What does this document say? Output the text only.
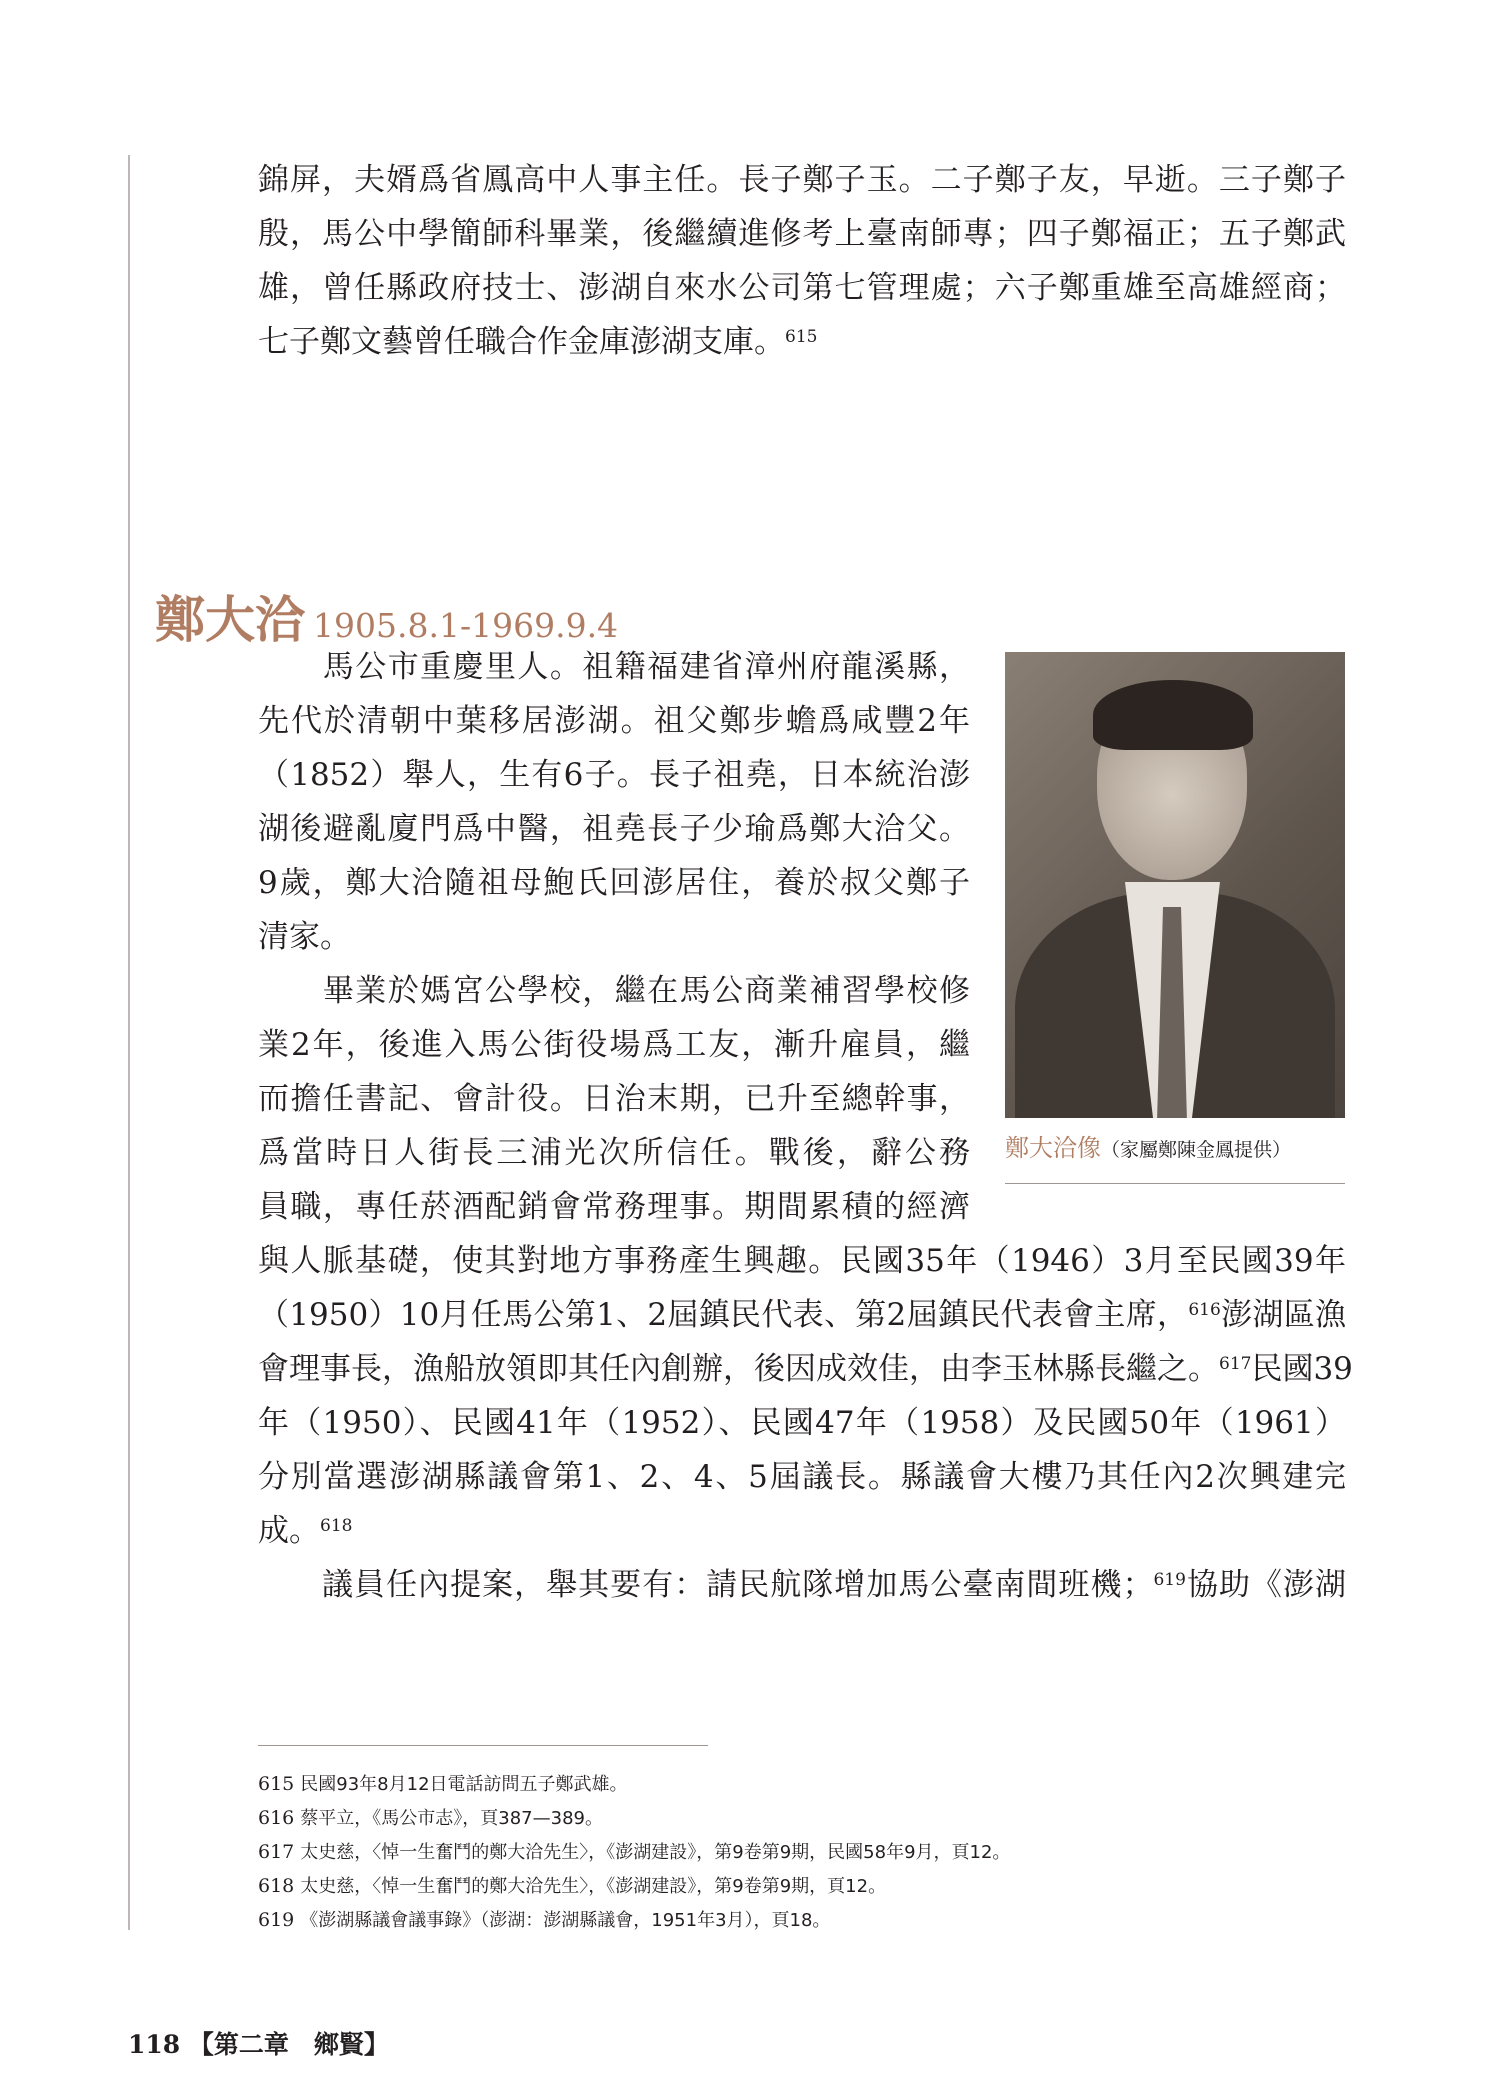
錦屏，夫婿爲省鳳高中人事主任。長子鄭子玉。二子鄭子友，早逝。三子鄭子
殷，馬公中學簡師科畢業，後繼續進修考上臺南師專；四子鄭福正；五子鄭武
雄，曾任縣政府技士、澎湖自來水公司第七管理處；六子鄭重雄至高雄經商；
七子鄭文藝曾任職合作金庫澎湖支庫。$^{615}$
鄭大洽 1905.8.1-1969.9.4
　　馬公市重慶里人。祖籍福建省漳州府龍溪縣，
先代於清朝中葉移居澎湖。祖父鄭步蟾爲咸豐2年
（1852）舉人，生有6子。長子祖堯，日本統治澎
湖後避亂廈門爲中醫，祖堯長子少瑜爲鄭大洽父。
9歲，鄭大洽隨祖母鮑氏回澎居住，養於叔父鄭子
清家。
　　畢業於媽宮公學校，繼在馬公商業補習學校修
業2年，後進入馬公街役場爲工友，漸升雇員，繼
而擔任書記、會計役。日治末期，已升至總幹事，
爲當時日人街長三浦光次所信任。戰後，辭公務
員職，專任菸酒配銷會常務理事。期間累積的經濟
與人脈基礎，使其對地方事務產生興趣。民國35年（1946）3月至民國39年
（1950）10月任馬公第1、2屆鎮民代表、第2屆鎮民代表會主席，$^{616}$澎湖區漁
會理事長，漁船放領即其任內創辦，後因成效佳，由李玉林縣長繼之。$^{617}$民國39
年（1950）、民國41年（1952）、民國47年（1958）及民國50年（1961）
分別當選澎湖縣議會第1、2、4、5屆議長。縣議會大樓乃其任內2次興建完
成。$^{618}$
　　議員任內提案，舉其要有：請民航隊增加馬公臺南間班機；$^{619}$協助《澎湖
鄭大洽像（家屬鄭陳金鳳提供）
615 民國93年8月12日電話訪問五子鄭武雄。
616 蔡平立，《馬公市志》，頁387—389。
617 太史慈，〈悼一生奮鬥的鄭大洽先生〉，《澎湖建設》，第9卷第9期，民國58年9月，頁12。
618 太史慈，〈悼一生奮鬥的鄭大洽先生〉，《澎湖建設》，第9卷第9期，頁12。
619 《澎湖縣議會議事錄》（澎湖：澎湖縣議會，1951年3月），頁18。
118 【第二章　鄉賢】
